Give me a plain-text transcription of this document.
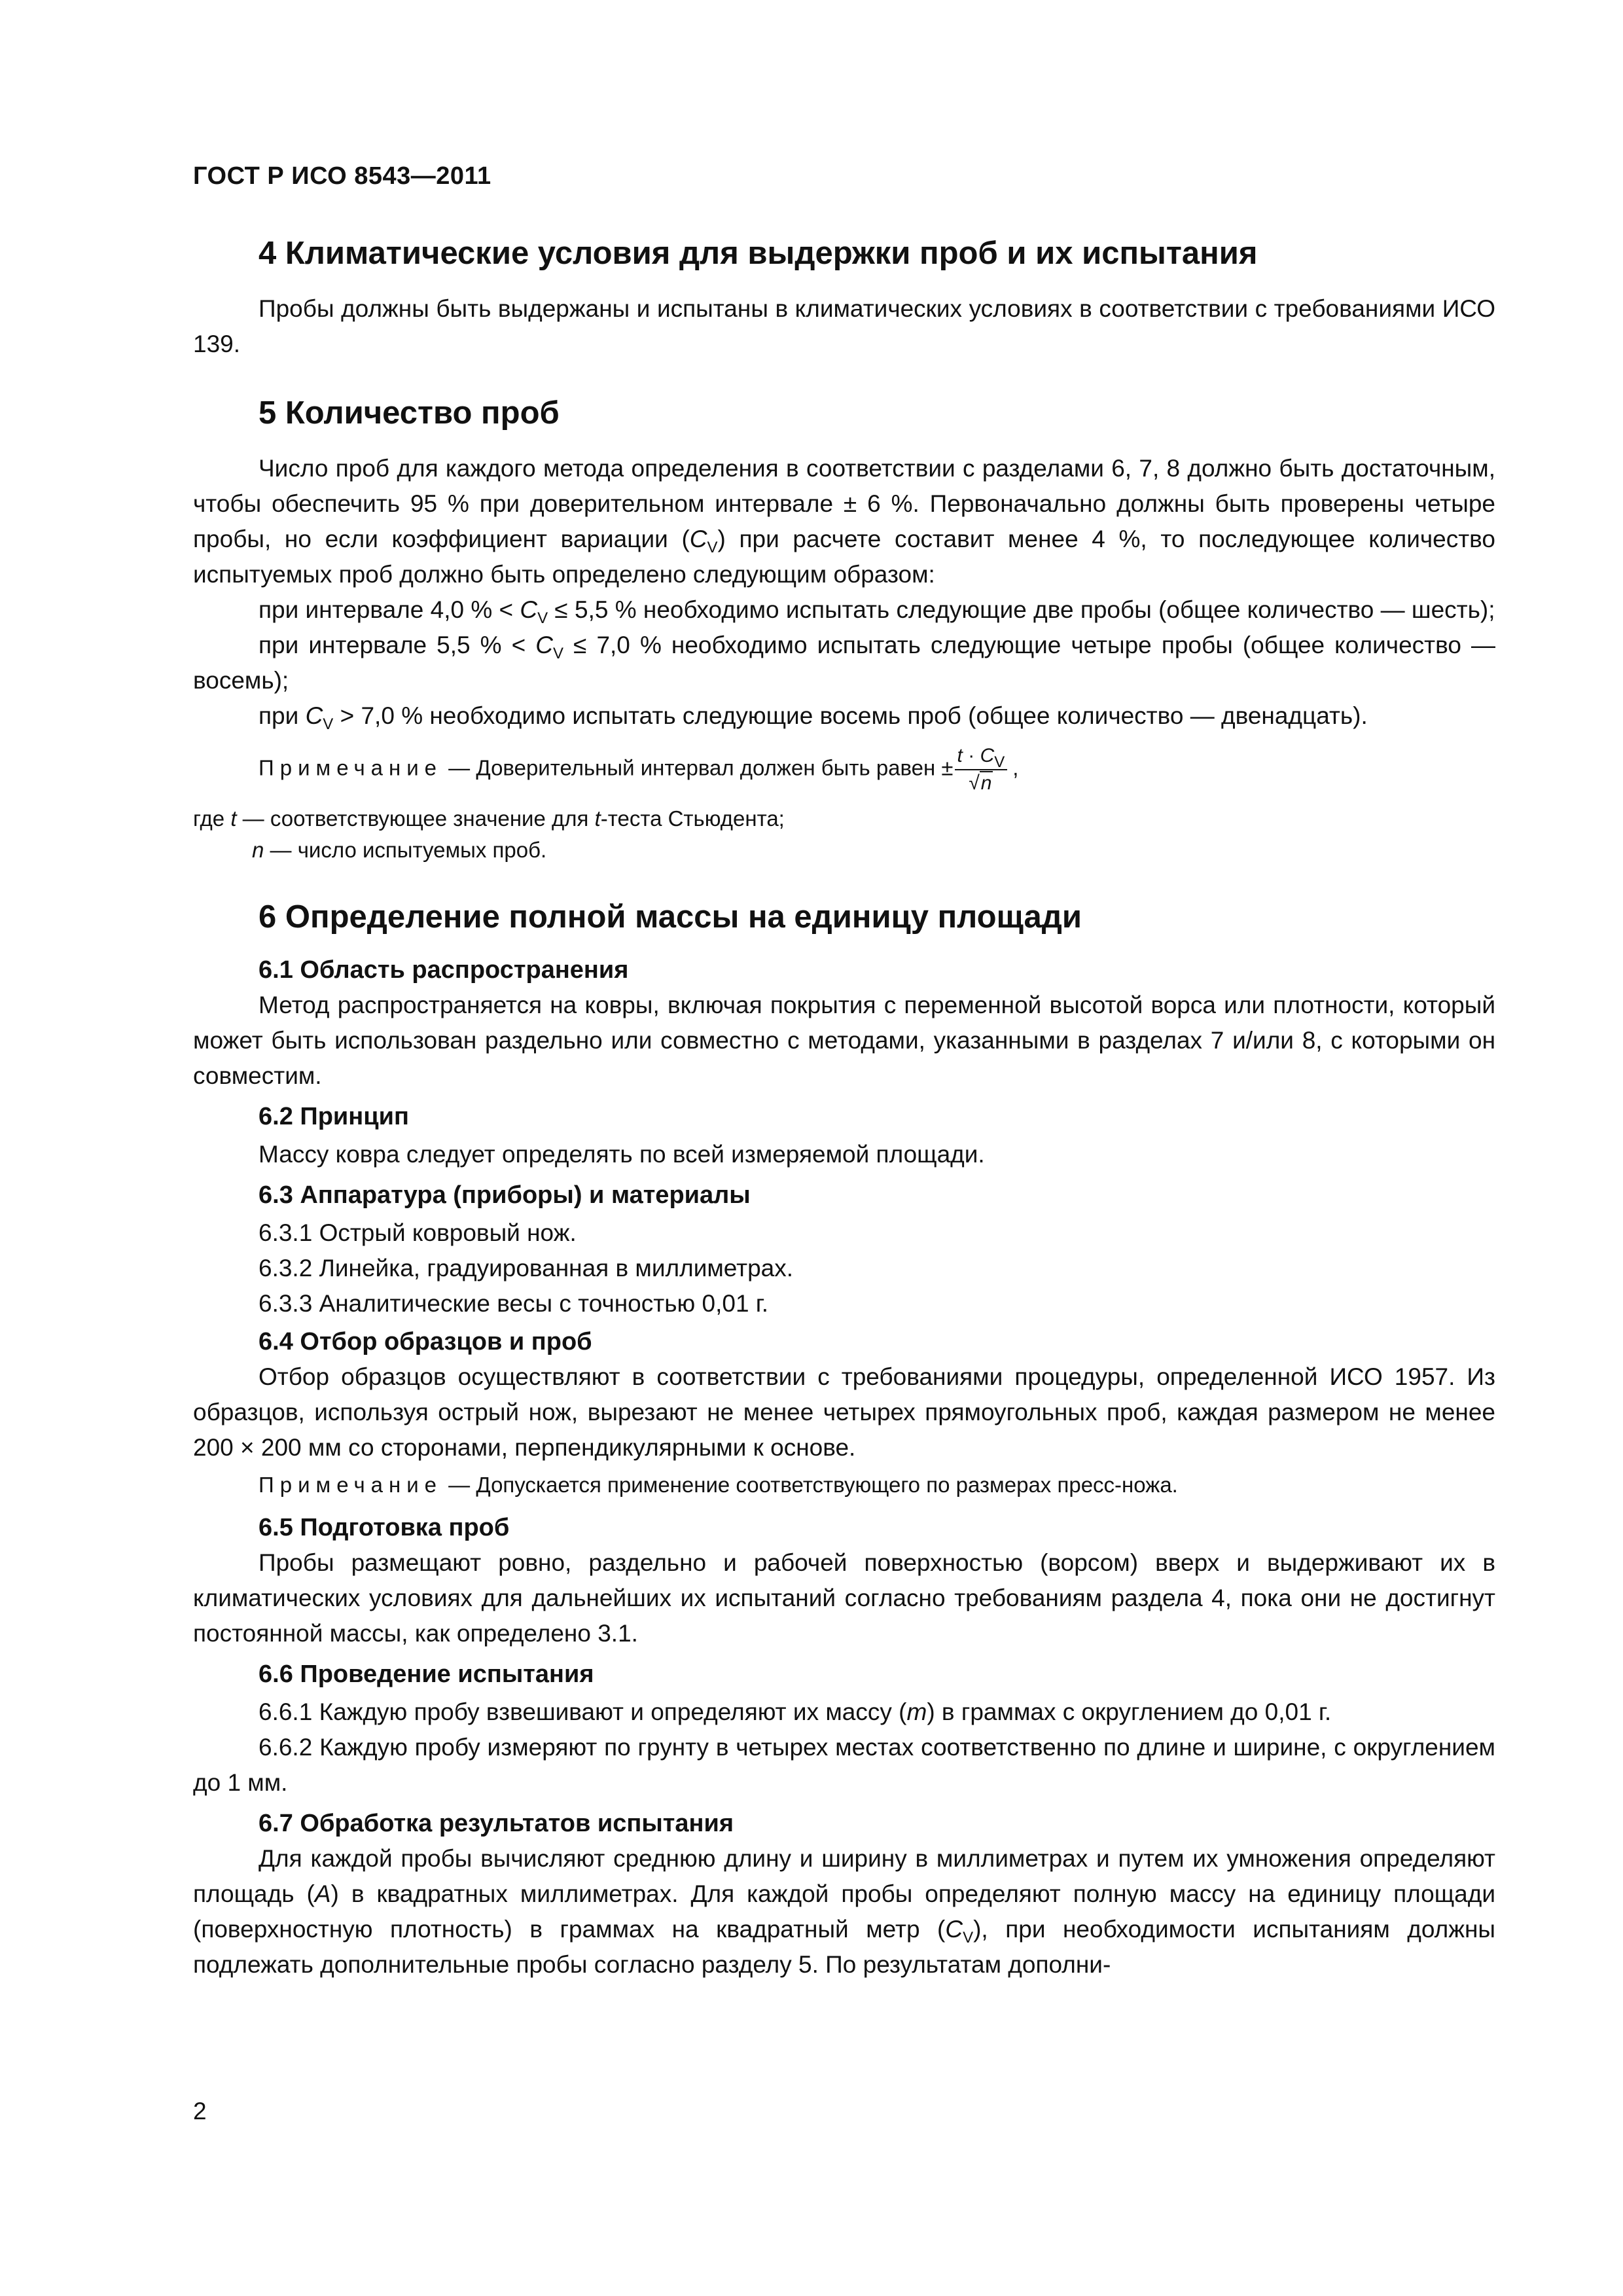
ГОСТ Р ИСО 8543—2011

4 Климатические условия для выдержки проб и их испытания

Пробы должны быть выдержаны и испытаны в климатических условиях в соответствии с требованиями ИСО 139.

5 Количество проб

Число проб для каждого метода определения в соответствии с разделами 6, 7, 8 должно быть достаточным, чтобы обеспечить 95 % при доверительном интервале ± 6 %. Первоначально должны быть проверены четыре пробы, но если коэффициент вариации $(C_V)$ при расчете составит менее 4 %, то последующее количество испытуемых проб должно быть определено следующим образом:

при интервале 4,0 % < $C_V \le 5,5$ % необходимо испытать следующие две пробы (общее количество — шесть);

при интервале 5,5 % < $C_V \le 7,0$ % необходимо испытать следующие четыре пробы (общее количество — восемь);

при $C_V > 7,0$ % необходимо испытать следующие восемь проб (общее количество — двенадцать).

Примечание — Доверительный интервал должен быть равен ± $\frac{t \cdot C_V}{√n}$ ,

где t — соответствующее значение для t-теста Стьюдента;

n — число испытуемых проб.

6 Определение полной массы на единицу площади

6.1 Область распространения

Метод распространяется на ковры, включая покрытия с переменной высотой ворса или плотности, который может быть использован раздельно или совместно с методами, указанными в разделах 7 и/или 8, с которыми он совместим.

6.2 Принцип

Массу ковра следует определять по всей измеряемой площади.

6.3 Аппаратура (приборы) и материалы

6.3.1 Острый ковровый нож.

6.3.2 Линейка, градуированная в миллиметрах.

6.3.3 Аналитические весы с точностью 0,01 г.

6.4 Отбор образцов и проб

Отбор образцов осуществляют в соответствии с требованиями процедуры, определенной ИСО 1957. Из образцов, используя острый нож, вырезают не менее четырех прямоугольных проб, каждая размером не менее 200 × 200 мм со сторонами, перпендикулярными к основе.

Примечание — Допускается применение соответствующего по размерах пресс-ножа.

6.5 Подготовка проб

Пробы размещают ровно, раздельно и рабочей поверхностью (ворсом) вверх и выдерживают их в климатических условиях для дальнейших их испытаний согласно требованиям раздела 4, пока они не достигнут постоянной массы, как определено 3.1.

6.6 Проведение испытания

6.6.1 Каждую пробу взвешивают и определяют их массу (m) в граммах с округлением до 0,01 г.

6.6.2 Каждую пробу измеряют по грунту в четырех местах соответственно по длине и ширине, с округлением до 1 мм.

6.7 Обработка результатов испытания

Для каждой пробы вычисляют среднюю длину и ширину в миллиметрах и путем их умножения определяют площадь (A) в квадратных миллиметрах. Для каждой пробы определяют полную массу на единицу площади (поверхностную плотность) в граммах на квадратный метр $(C_V)$, при необходимости испытаниям должны подлежать дополнительные пробы согласно разделу 5. По результатам дополни-

2
